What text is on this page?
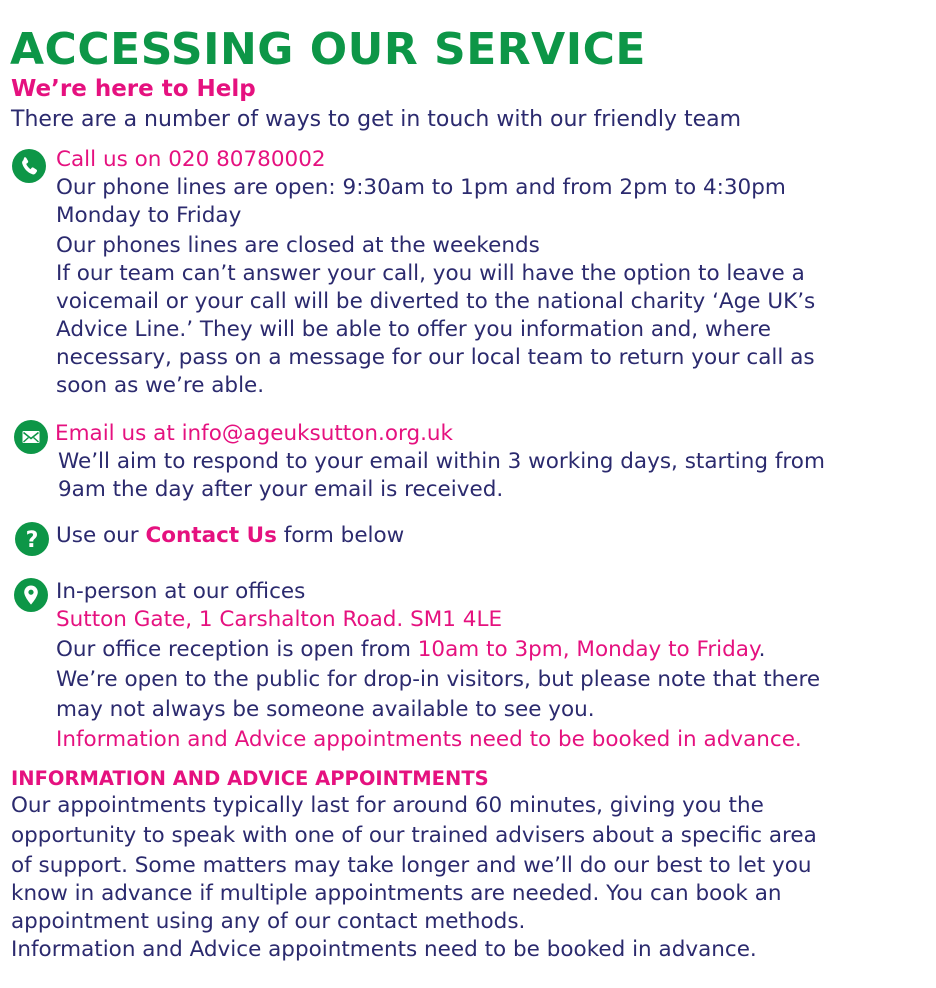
ACCESSING OUR SERVICE
We’re here to Help
There are a number of ways to get in touch with our friendly team
Call us on 020 80780002
Our phone lines are open: 9:30am to 1pm and from 2pm to 4:30pm
Monday to Friday
Our phones lines are closed at the weekends
If our team can’t answer your call, you will have the option to leave a
voicemail or your call will be diverted to the national charity ‘Age UK’s
Advice Line.’ They will be able to offer you information and, where
necessary, pass on a message for our local team to return your call as
soon as we’re able.
Email us at info@ageuksutton.org.uk
We’ll aim to respond to your email within 3 working days, starting from
9am the day after your email is received.
? Use our Contact Us form below
In-person at our offices
Sutton Gate, 1 Carshalton Road. SM1 4LE
Our office reception is open from 10am to 3pm, Monday to Friday.
We’re open to the public for drop-in visitors, but please note that there
may not always be someone available to see you.
Information and Advice appointments need to be booked in advance.
INFORMATION AND ADVICE APPOINTMENTS
Our appointments typically last for around 60 minutes, giving you the
opportunity to speak with one of our trained advisers about a specific area
of support. Some matters may take longer and we’ll do our best to let you
know in advance if multiple appointments are needed. You can book an
appointment using any of our contact methods.
Information and Advice appointments need to be booked in advance.
